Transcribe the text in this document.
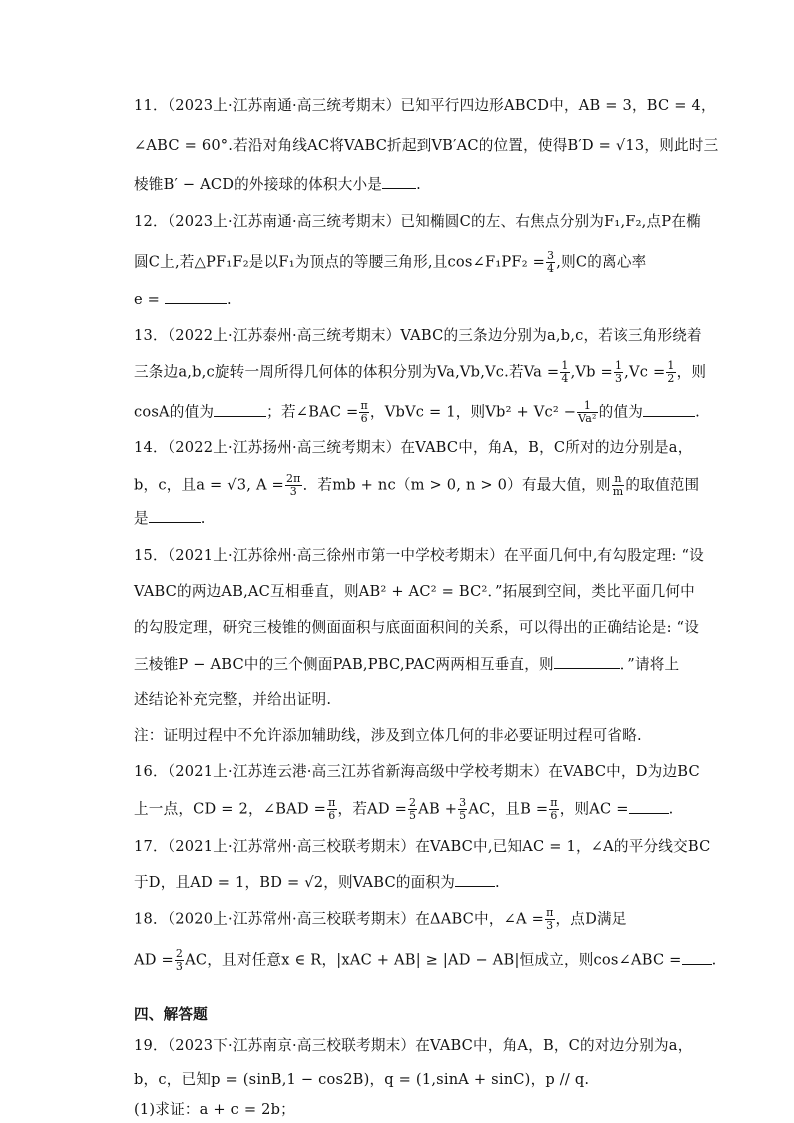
11．（2023上·江苏南通·高三统考期末）已知平行四边形ABCD中，AB = 3，BC = 4，
∠ABC = 60°.若沿对角线AC将VABC折起到VB′AC的位置，使得B′D = √13，则此时三
棱锥B′ − ACD的外接球的体积大小是 .
12．（2023上·江苏南通·高三统考期末）已知椭圆C的左、右焦点分别为F₁,F₂,点P在椭
圆C上,若△PF₁F₂是以F₁为顶点的等腰三角形,且cos∠F₁PF₂ = $\frac{3}{4}$ ,则C的离心率
e =	.
13．（2022上·江苏泰州·高三统考期末）VABC的三条边分别为a,b,c，若该三角形绕着
三条边a,b,c旋转一周所得几何体的体积分别为Va,Vb,Vc.若$Va = \frac{1}{4} ,Vb = \frac{1}{3} ,Vc = \frac{1}{2}$ ，则
cosA的值为	；若∠BAC = $\frac{\pi}{6}$ ，VbVc = 1，则$Vb^2 + Vc^2 - \frac{1}{\text{Va²}}$ 的值为	.
14．（2022上·江苏扬州·高三统考期末）在VABC中，角A，B，C所对的边分别是a，
b，c，且a = √3, $A = \frac{2\pi}{3}$ ．若mb + nc（m > 0, n > 0）有最大值，则 $\frac{n}{m}$ 的取值范围
是	.
15．（2021上·江苏徐州·高三徐州市第一中学校考期末）在平面几何中,有勾股定理: “设
VABC的两边AB,AC互相垂直，则AB² + AC² = BC²．”拓展到空间，类比平面几何中
的勾股定理，研究三棱锥的侧面面积与底面面积间的关系，可以得出的正确结论是: “设
三棱锥P − ABC中的三个侧面PAB,PBC,PAC两两相互垂直，则	．”请将上
述结论补充完整，并给出证明.
注：证明过程中不允许添加辅助线，涉及到立体几何的非必要证明过程可省略.
16．（2021上·江苏连云港·高三江苏省新海高级中学校考期末）在VABC中，D为边BC
上一点，CD = 2，∠BAD = $\frac{\pi}{6}$ ，若AD = $\frac{2}{5}$ AB + $\frac{3}{5}$ AC，且$B = \frac{\pi}{6}$ ，则AC =	.
17．（2021上·江苏常州·高三校联考期末）在VABC中,已知AC = 1，∠A的平分线交BC
于D，且AD = 1，BD = √2，则VABC的面积为	.
18．（2020上·江苏常州·高三校联考期末）在ΔABC中，∠A = $\frac{\pi}{3}$ ，点D满足
AD = $\frac{2}{3}$ AC，且对任意x ∈ R，|xAC + AB| ≥ |AD − AB|恒成立，则cos∠ABC = .
四、解答题
19．（2023下·江苏南京·高三校联考期末）在VABC中，角A，B，C的对边分别为a，
b，c，已知p = (sinB,1 − cos2B)，q = (1,sinA + sinC)，p // q.
(1)求证：a + c = 2b；
